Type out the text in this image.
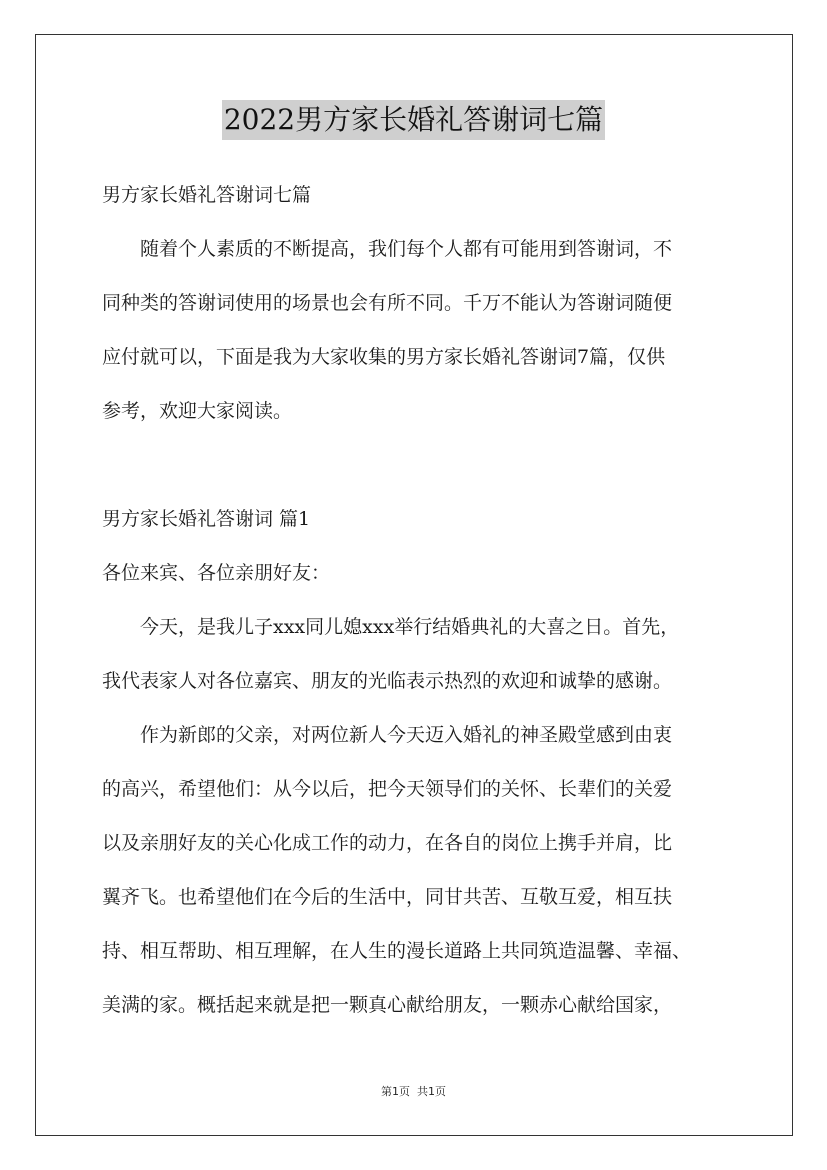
2022男方家长婚礼答谢词七篇
男方家长婚礼答谢词七篇
随着个人素质的不断提高，我们每个人都有可能用到答谢词，不
同种类的答谢词使用的场景也会有所不同。千万不能认为答谢词随便
应付就可以，下面是我为大家收集的男方家长婚礼答谢词7篇，仅供
参考，欢迎大家阅读。
男方家长婚礼答谢词 篇1
各位来宾、各位亲朋好友：
今天，是我儿子xxx同儿媳xxx举行结婚典礼的大喜之日。首先，
我代表家人对各位嘉宾、朋友的光临表示热烈的欢迎和诚挚的感谢。
作为新郎的父亲，对两位新人今天迈入婚礼的神圣殿堂感到由衷
的高兴，希望他们：从今以后，把今天领导们的关怀、长辈们的关爱
以及亲朋好友的关心化成工作的动力，在各自的岗位上携手并肩，比
翼齐飞。也希望他们在今后的生活中，同甘共苦、互敬互爱，相互扶
持、相互帮助、相互理解，在人生的漫长道路上共同筑造温馨、幸福、
美满的家。概括起来就是把一颗真心献给朋友，一颗赤心献给国家，
第1页  共1页
